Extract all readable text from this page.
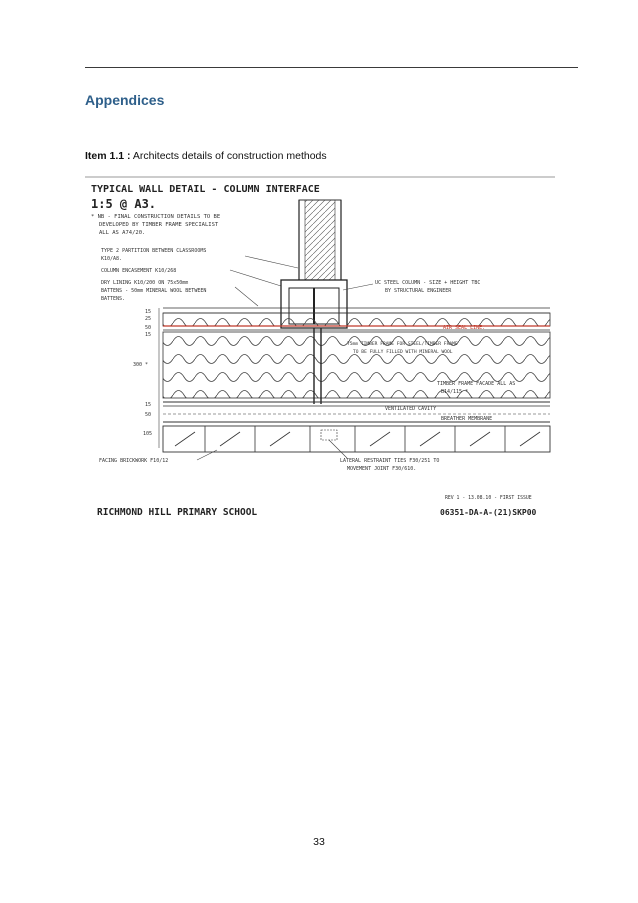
Appendices
Item 1.1 : Architects details of construction methods
TYPICAL WALL DETAIL - COLUMN INTERFACE
1:5 @ A3.
* NB - FINAL CONSTRUCTION DETAILS TO BE
DEVELOPED BY TIMBER FRAME SPECIALIST
ALL AS A74/20.
TYPE 2 PARTITION BETWEEN CLASSROOMS
K10/A8.
COLUMN ENCASEMENT K10/268
DRY LINING K10/200 ON 75x50mm
BATTENS - 50mm MINERAL WOOL BETWEEN
BATTENS.
15
25
50
15
300 *
15
50
105
UC STEEL COLUMN - SIZE + HEIGHT TBC
BY STRUCTURAL ENGINEER
AIR SEAL LINE.
75mm TIMBER FRAME FOR STEEL/TIMBER FRAME
TO BE FULLY FILLED WITH MINERAL WOOL
TIMBER FRAME FACADE ALL AS
B14/115 *
VENTILATED CAVITY
BREATHER MEMBRANE
FACING BRICKWORK F10/12	LATERAL RESTRAINT TIES F30/251 TO
MOVEMENT JOINT F30/610.
RICHMOND HILL PRIMARY SCHOOL
REV 1 - 13.08.10 - FIRST ISSUE
06351-DA-A-(21)SKP00
33
